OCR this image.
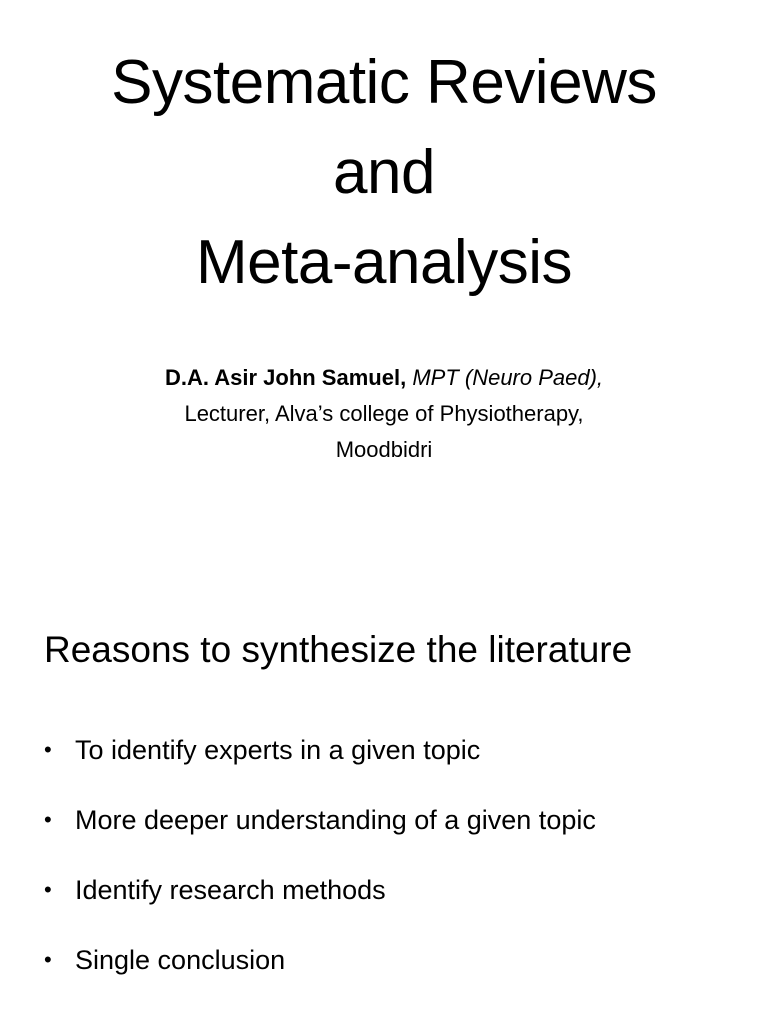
Systematic Reviews
and
Meta-analysis
D.A. Asir John Samuel, MPT (Neuro Paed),
Lecturer, Alva’s college of Physiotherapy,
Moodbidri
Reasons to synthesize the literature
• To identify experts in a given topic
• More deeper understanding of a given topic
• Identify research methods
• Single conclusion
